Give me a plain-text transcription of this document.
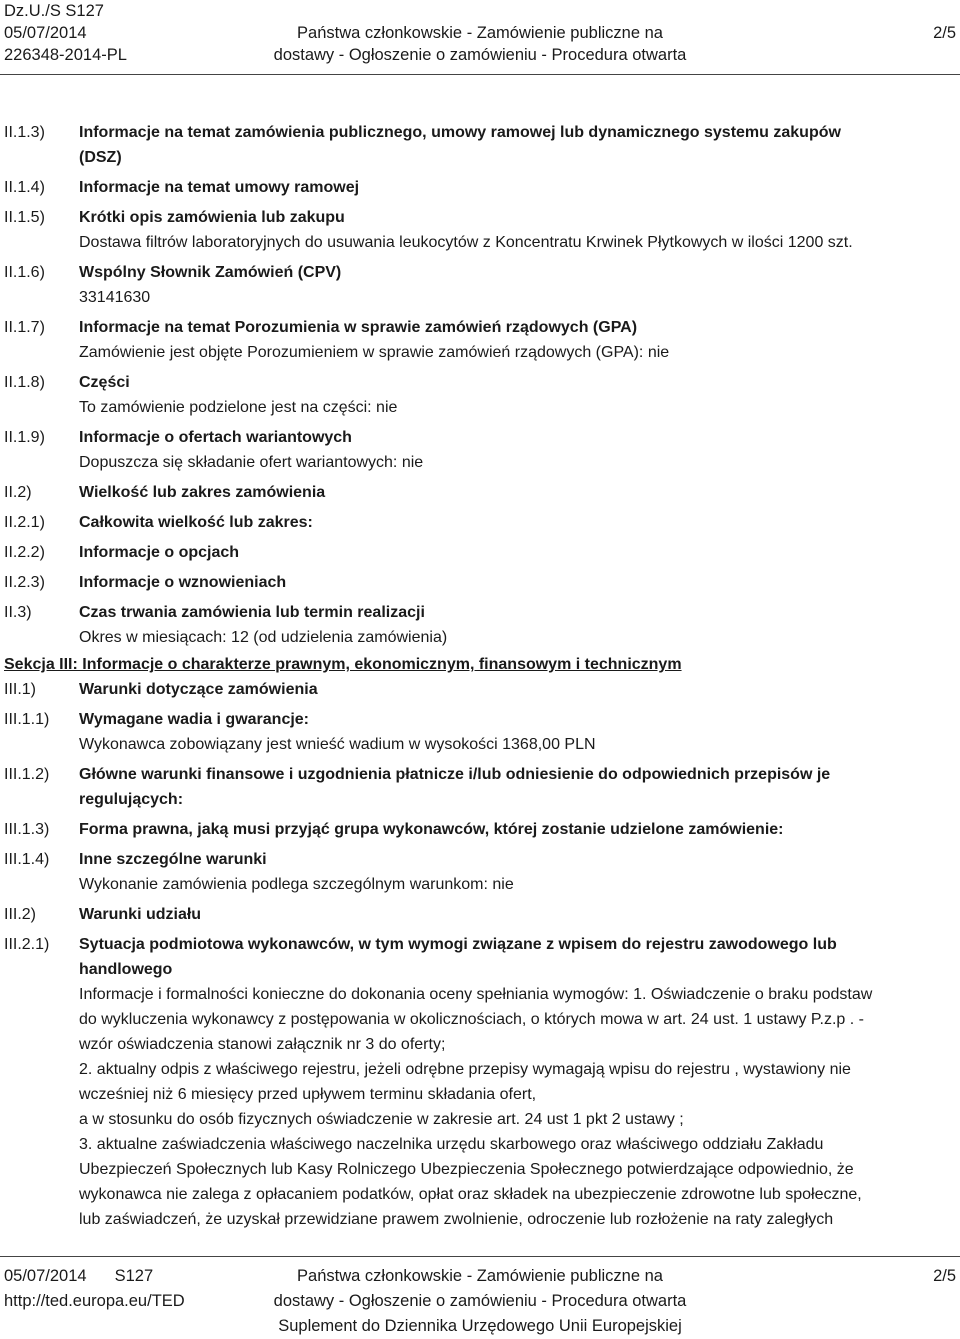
Dz.U./S S127
05/07/2014
226348-2014-PL
Państwa członkowskie - Zamówienie publiczne na
dostawy - Ogłoszenie o zamówieniu - Procedura otwarta
2/5
II.1.3) Informacje na temat zamówienia publicznego, umowy ramowej lub dynamicznego systemu zakupów
(DSZ)
II.1.4) Informacje na temat umowy ramowej
II.1.5) Krótki opis zamówienia lub zakupu
Dostawa filtrów laboratoryjnych do usuwania leukocytów z Koncentratu Krwinek Płytkowych w ilości 1200 szt.
II.1.6) Wspólny Słownik Zamówień (CPV)
33141630
II.1.7) Informacje na temat Porozumienia w sprawie zamówień rządowych (GPA)
Zamówienie jest objęte Porozumieniem w sprawie zamówień rządowych (GPA): nie
II.1.8) Części
To zamówienie podzielone jest na części: nie
II.1.9) Informacje o ofertach wariantowych
Dopuszcza się składanie ofert wariantowych: nie
II.2)	Wielkość lub zakres zamówienia
II.2.1) Całkowita wielkość lub zakres:
II.2.2) Informacje o opcjach
II.2.3) Informacje o wznowieniach
II.3)	Czas trwania zamówienia lub termin realizacji
Okres w miesiącach: 12 (od udzielenia zamówienia)
Sekcja III: Informacje o charakterze prawnym, ekonomicznym, finansowym i technicznym
III.1)	Warunki dotyczące zamówienia
III.1.1) Wymagane wadia i gwarancje:
Wykonawca zobowiązany jest wnieść wadium w wysokości 1368,00 PLN
III.1.2) Główne warunki finansowe i uzgodnienia płatnicze i/lub odniesienie do odpowiednich przepisów je
regulujących:
III.1.3) Forma prawna, jaką musi przyjąć grupa wykonawców, której zostanie udzielone zamówienie:
III.1.4) Inne szczególne warunki
Wykonanie zamówienia podlega szczególnym warunkom: nie
III.2)	Warunki udziału
III.2.1) Sytuacja podmiotowa wykonawców, w tym wymogi związane z wpisem do rejestru zawodowego lub
handlowego
Informacje i formalności konieczne do dokonania oceny spełniania wymogów: 1. Oświadczenie o braku podstaw
do wykluczenia wykonawcy z postępowania w okolicznościach, o których mowa w art. 24 ust. 1 ustawy P.z.p . -
wzór oświadczenia stanowi załącznik nr 3 do oferty;
2. aktualny odpis z właściwego rejestru, jeżeli odrębne przepisy wymagają wpisu do rejestru , wystawiony nie
wcześniej niż 6 miesięcy przed upływem terminu składania ofert,
a w stosunku do osób fizycznych oświadczenie w zakresie art. 24 ust 1 pkt 2 ustawy ;
3. aktualne zaświadczenia właściwego naczelnika urzędu skarbowego oraz właściwego oddziału Zakładu
Ubezpieczeń Społecznych lub Kasy Rolniczego Ubezpieczenia Społecznego potwierdzające odpowiednio, że
wykonawca nie zalega z opłacaniem podatków, opłat oraz składek na ubezpieczenie zdrowotne lub społeczne,
lub zaświadczeń, że uzyskał przewidziane prawem zwolnienie, odroczenie lub rozłożenie na raty zaległych
05/07/2014 S127
http://ted.europa.eu/TED
Państwa członkowskie - Zamówienie publiczne na
dostawy - Ogłoszenie o zamówieniu - Procedura otwarta
Suplement do Dziennika Urzędowego Unii Europejskiej
2/5
